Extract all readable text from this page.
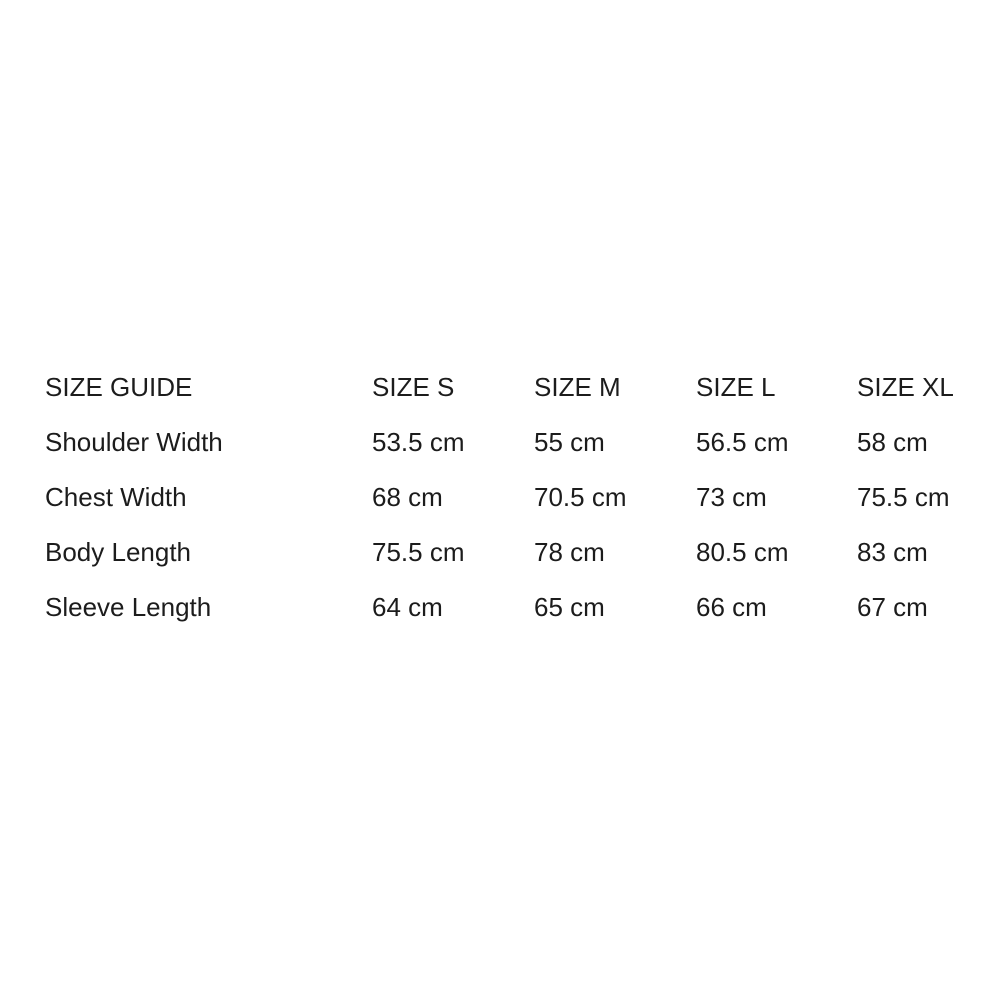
SIZE GUIDE	SIZE S	SIZE M	SIZE L	SIZE XL
Shoulder Width	53.5 cm	55 cm	56.5 cm	58 cm
Chest Width	68 cm	70.5 cm	73 cm	75.5 cm
Body Length	75.5 cm	78 cm	80.5 cm	83 cm
Sleeve Length	64 cm	65 cm	66 cm	67 cm
